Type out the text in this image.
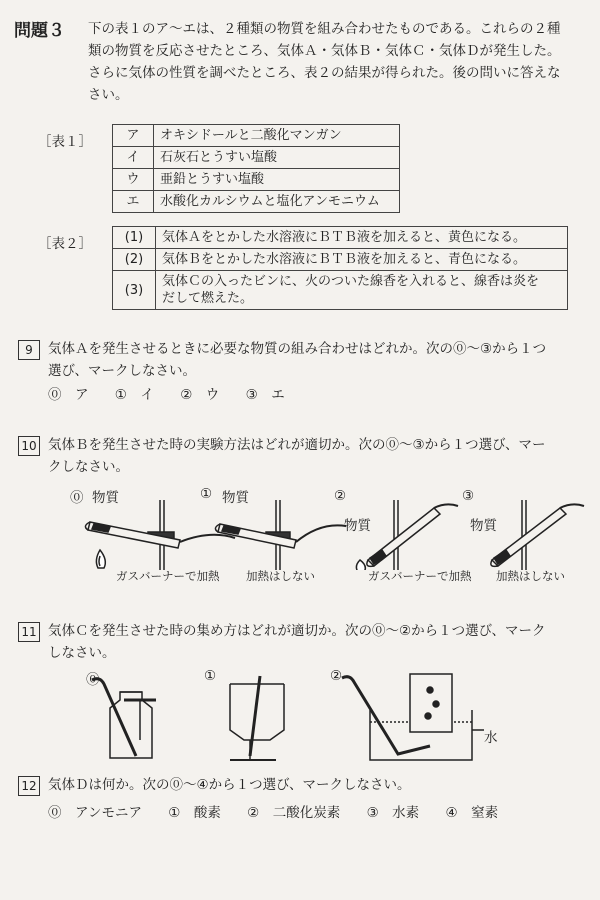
問題３ 下の表１のア～エは、２種類の物質を組み合わせたものである。これらの２種
類の物質を反応させたところ、気体Ａ・気体Ｂ・気体Ｃ・気体Ｄが発生した。
さらに気体の性質を調べたところ、表２の結果が得られた。後の問いに答えな
さい。
［表１］	ア	オキシドールと二酸化マンガン
イ	石灰石とうすい塩酸
ウ	亜鉛とうすい塩酸
エ	水酸化カルシウムと塩化アンモニウム
［表２］	(1)	気体Ａをとかした水溶液にＢＴＢ液を加えると、黄色になる。
(2)	気体Ｂをとかした水溶液にＢＴＢ液を加えると、青色になる。
(3)	気体Ｃの入ったビンに、火のついた線香を入れると、線香は炎を
だして燃えた。
9	気体Ａを発生させるときに必要な物質の組み合わせはどれか。次の⓪～③から１つ
選び、マークしなさい。
⓪　ア ①　イ ②　ウ ③　エ
10 気体Ｂを発生させた時の実験方法はどれが適切か。次の⓪～③から１つ選び、マー
クしなさい。
⓪ 物質	① 物質	②
物質
③
物質
ガスバーナーで加熱 加熱はしない	ガスバーナーで加熱 加熱はしない
11 気体Ｃを発生させた時の集め方はどれが適切か。次の⓪～②から１つ選び、マーク
しなさい。
⓪	①	②
水
12 気体Ｄは何か。次の⓪～④から１つ選び、マークしなさい。
⓪　アンモニア ①　酸素 ②　二酸化炭素 ③　水素 ④　窒素
